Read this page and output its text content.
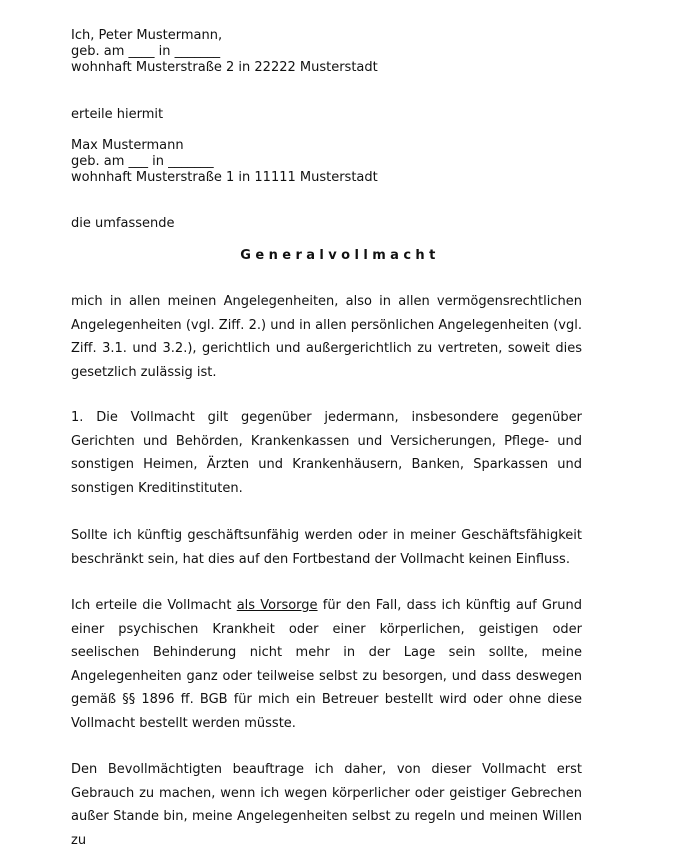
Ich, Peter Mustermann,
geb. am ____ in _______
wohnhaft Musterstraße 2 in 22222 Musterstadt
erteile hiermit
Max Mustermann
geb. am ___ in _______
wohnhaft Musterstraße 1 in 11111 Musterstadt
die umfassende
Generalvollmacht

mich in allen meinen Angelegenheiten, also in allen vermögensrechtlichen Angelegenheiten (vgl. Ziff. 2.) und in allen persönlichen Angelegenheiten (vgl. Ziff. 3.1. und 3.2.), gerichtlich und außergerichtlich zu vertreten, soweit dies gesetzlich zulässig ist.

1. Die Vollmacht gilt gegenüber jedermann, insbesondere gegenüber Gerichten und Behörden, Krankenkassen und Versicherungen, Pflege- und sonstigen Heimen, Ärzten und Krankenhäusern, Banken, Sparkassen und sonstigen Kreditinstituten.

Sollte ich künftig geschäftsunfähig werden oder in meiner Geschäftsfähigkeit beschränkt sein, hat dies auf den Fortbestand der Vollmacht keinen Einfluss.

Ich erteile die Vollmacht als Vorsorge für den Fall, dass ich künftig auf Grund einer psychischen Krankheit oder einer körperlichen, geistigen oder seelischen Behinderung nicht mehr in der Lage sein sollte, meine Angelegenheiten ganz oder teilweise selbst zu besorgen, und dass deswegen gemäß §§ 1896 ff. BGB für mich ein Betreuer bestellt wird oder ohne diese Vollmacht bestellt werden müsste.

Den Bevollmächtigten beauftrage ich daher, von dieser Vollmacht erst Gebrauch zu machen, wenn ich wegen körperlicher oder geistiger Gebrechen außer Stande bin, meine Angelegenheiten selbst zu regeln und meinen Willen zu
